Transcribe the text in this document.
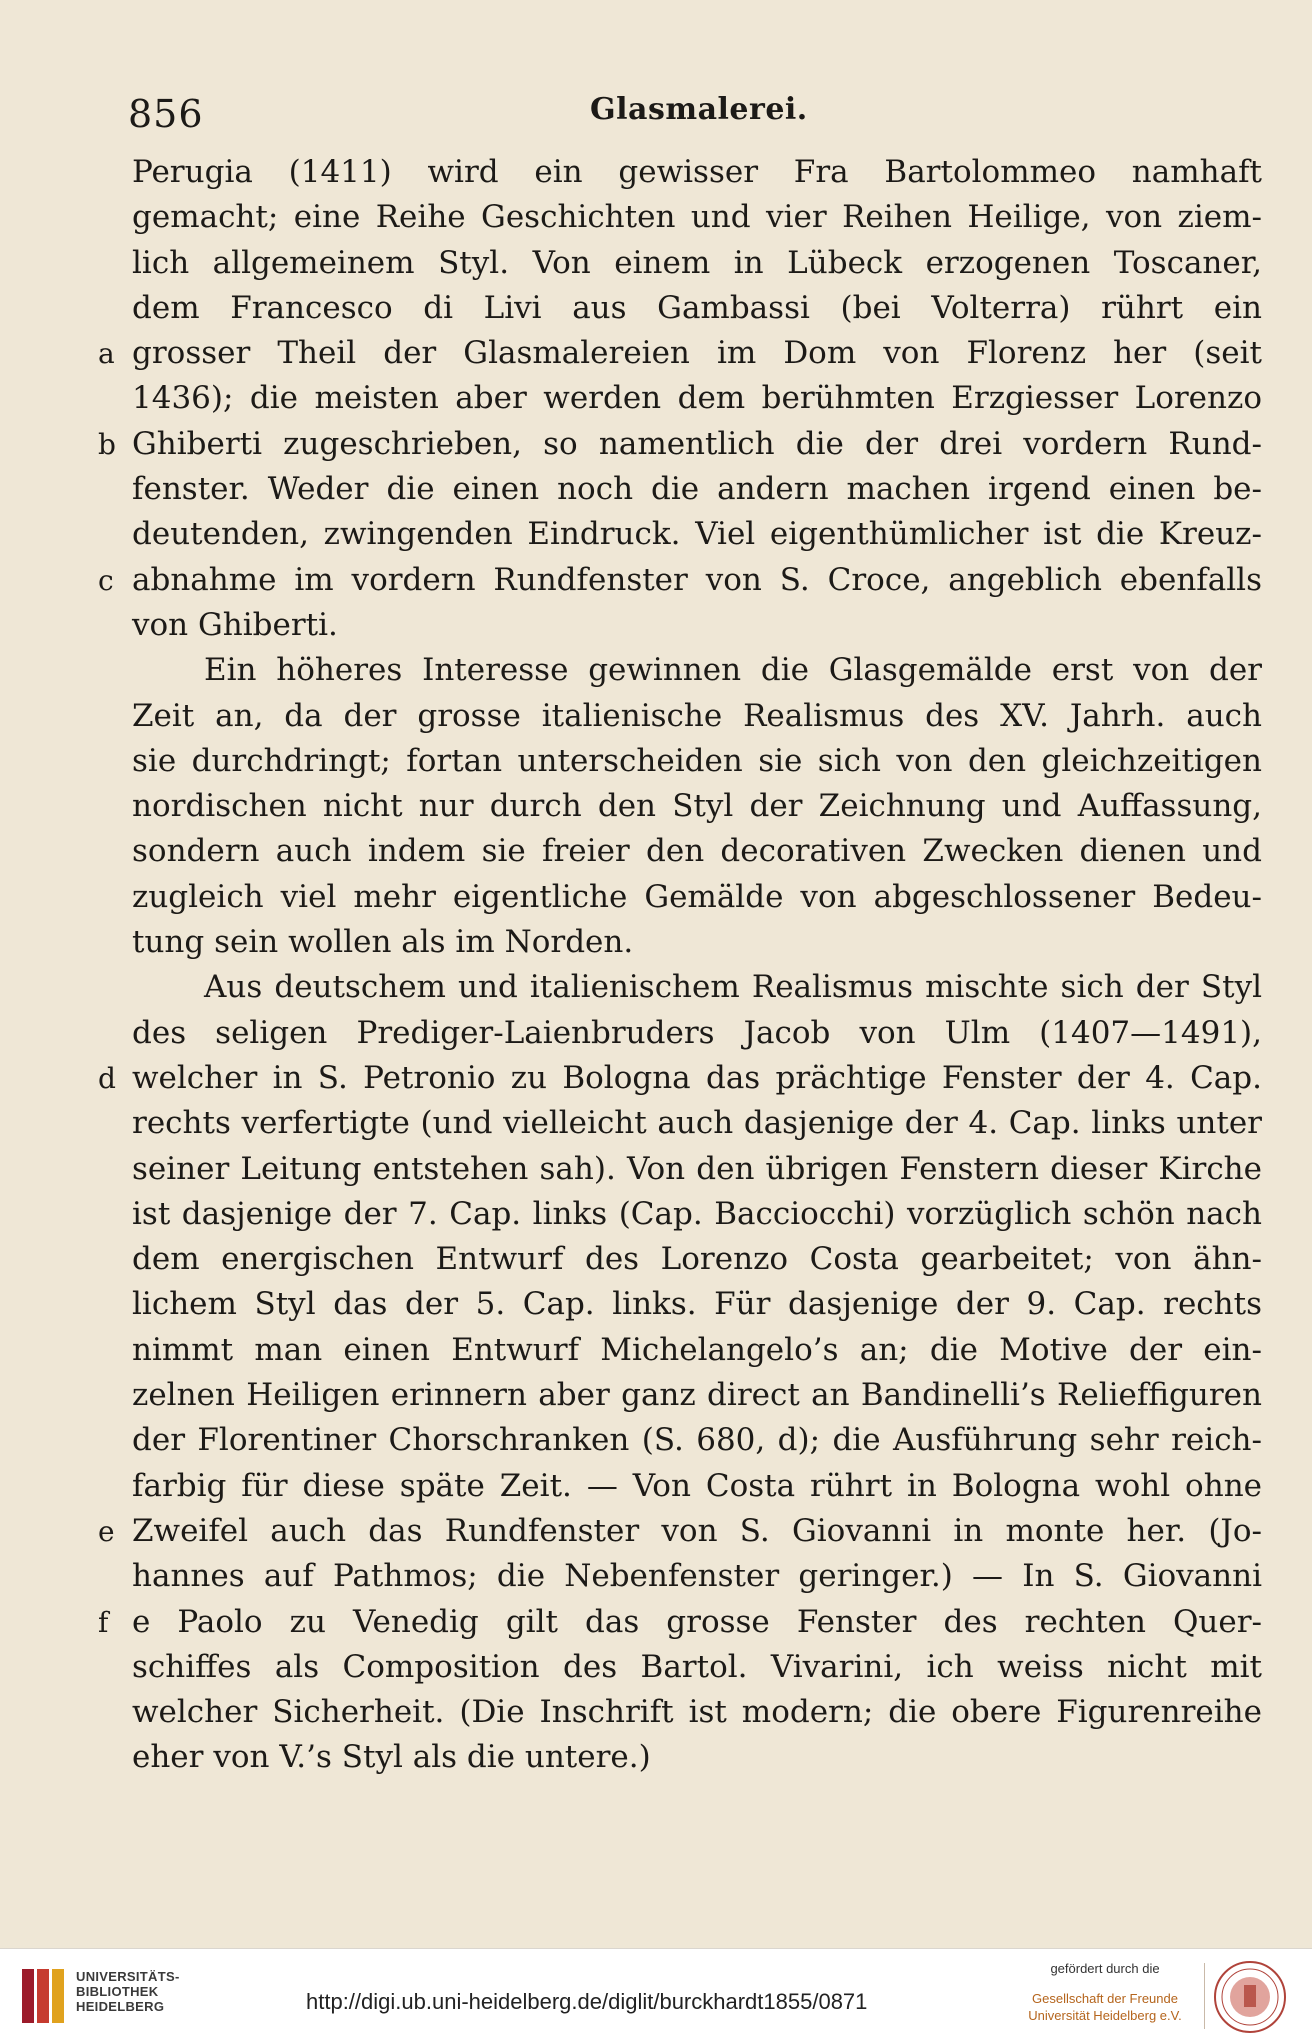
856	Glasmalerei.
Perugia (1411) wird ein gewisser Fra Bartolommeo namhaft
gemacht; eine Reihe Geschichten und vier Reihen Heilige, von ziem-
lich allgemeinem Styl. Von einem in Lübeck erzogenen Toscaner,
dem Francesco di Livi aus Gambassi (bei Volterra) rührt ein
a grosser Theil der Glasmalereien im Dom von Florenz her (seit
1436); die meisten aber werden dem berühmten Erzgiesser Lorenzo
b Ghiberti zugeschrieben, so namentlich die der drei vordern Rund-
fenster. Weder die einen noch die andern machen irgend einen be-
deutenden, zwingenden Eindruck. Viel eigenthümlicher ist die Kreuz-
c abnahme im vordern Rundfenster von S. Croce, angeblich ebenfalls
von Ghiberti.
Ein höheres Interesse gewinnen die Glasgemälde erst von der
Zeit an, da der grosse italienische Realismus des XV. Jahrh. auch
sie durchdringt; fortan unterscheiden sie sich von den gleichzeitigen
nordischen nicht nur durch den Styl der Zeichnung und Auffassung,
sondern auch indem sie freier den decorativen Zwecken dienen und
zugleich viel mehr eigentliche Gemälde von abgeschlossener Bedeu-
tung sein wollen als im Norden.
Aus deutschem und italienischem Realismus mischte sich der Styl
des seligen Prediger-Laienbruders Jacob von Ulm (1407—1491),
d welcher in S. Petronio zu Bologna das prächtige Fenster der 4. Cap.
rechts verfertigte (und vielleicht auch dasjenige der 4. Cap. links unter
seiner Leitung entstehen sah). Von den übrigen Fenstern dieser Kirche
ist dasjenige der 7. Cap. links (Cap. Bacciocchi) vorzüglich schön nach
dem energischen Entwurf des Lorenzo Costa gearbeitet; von ähn-
lichem Styl das der 5. Cap. links. Für dasjenige der 9. Cap. rechts
nimmt man einen Entwurf Michelangelo’s an; die Motive der ein-
zelnen Heiligen erinnern aber ganz direct an Bandinelli’s Reliefﬁguren
der Florentiner Chorschranken (S. 680, d); die Ausführung sehr reich-
farbig für diese späte Zeit. — Von Costa rührt in Bologna wohl ohne
e Zweifel auch das Rundfenster von S. Giovanni in monte her. (Jo-
hannes auf Pathmos; die Nebenfenster geringer.) — In S. Giovanni
f e Paolo zu Venedig gilt das grosse Fenster des rechten Quer-
schiffes als Composition des Bartol. Vivarini, ich weiss nicht mit
welcher Sicherheit. (Die Inschrift ist modern; die obere Figurenreihe
eher von V.’s Styl als die untere.)
UNIVERSITÄTS-
BIBLIOTHEK
HEIDELBERG	http://digi.ub.uni-heidelberg.de/diglit/burckhardt1855/0871
gefördert durch die
Gesellschaft der Freunde
Universität Heidelberg e.V.
